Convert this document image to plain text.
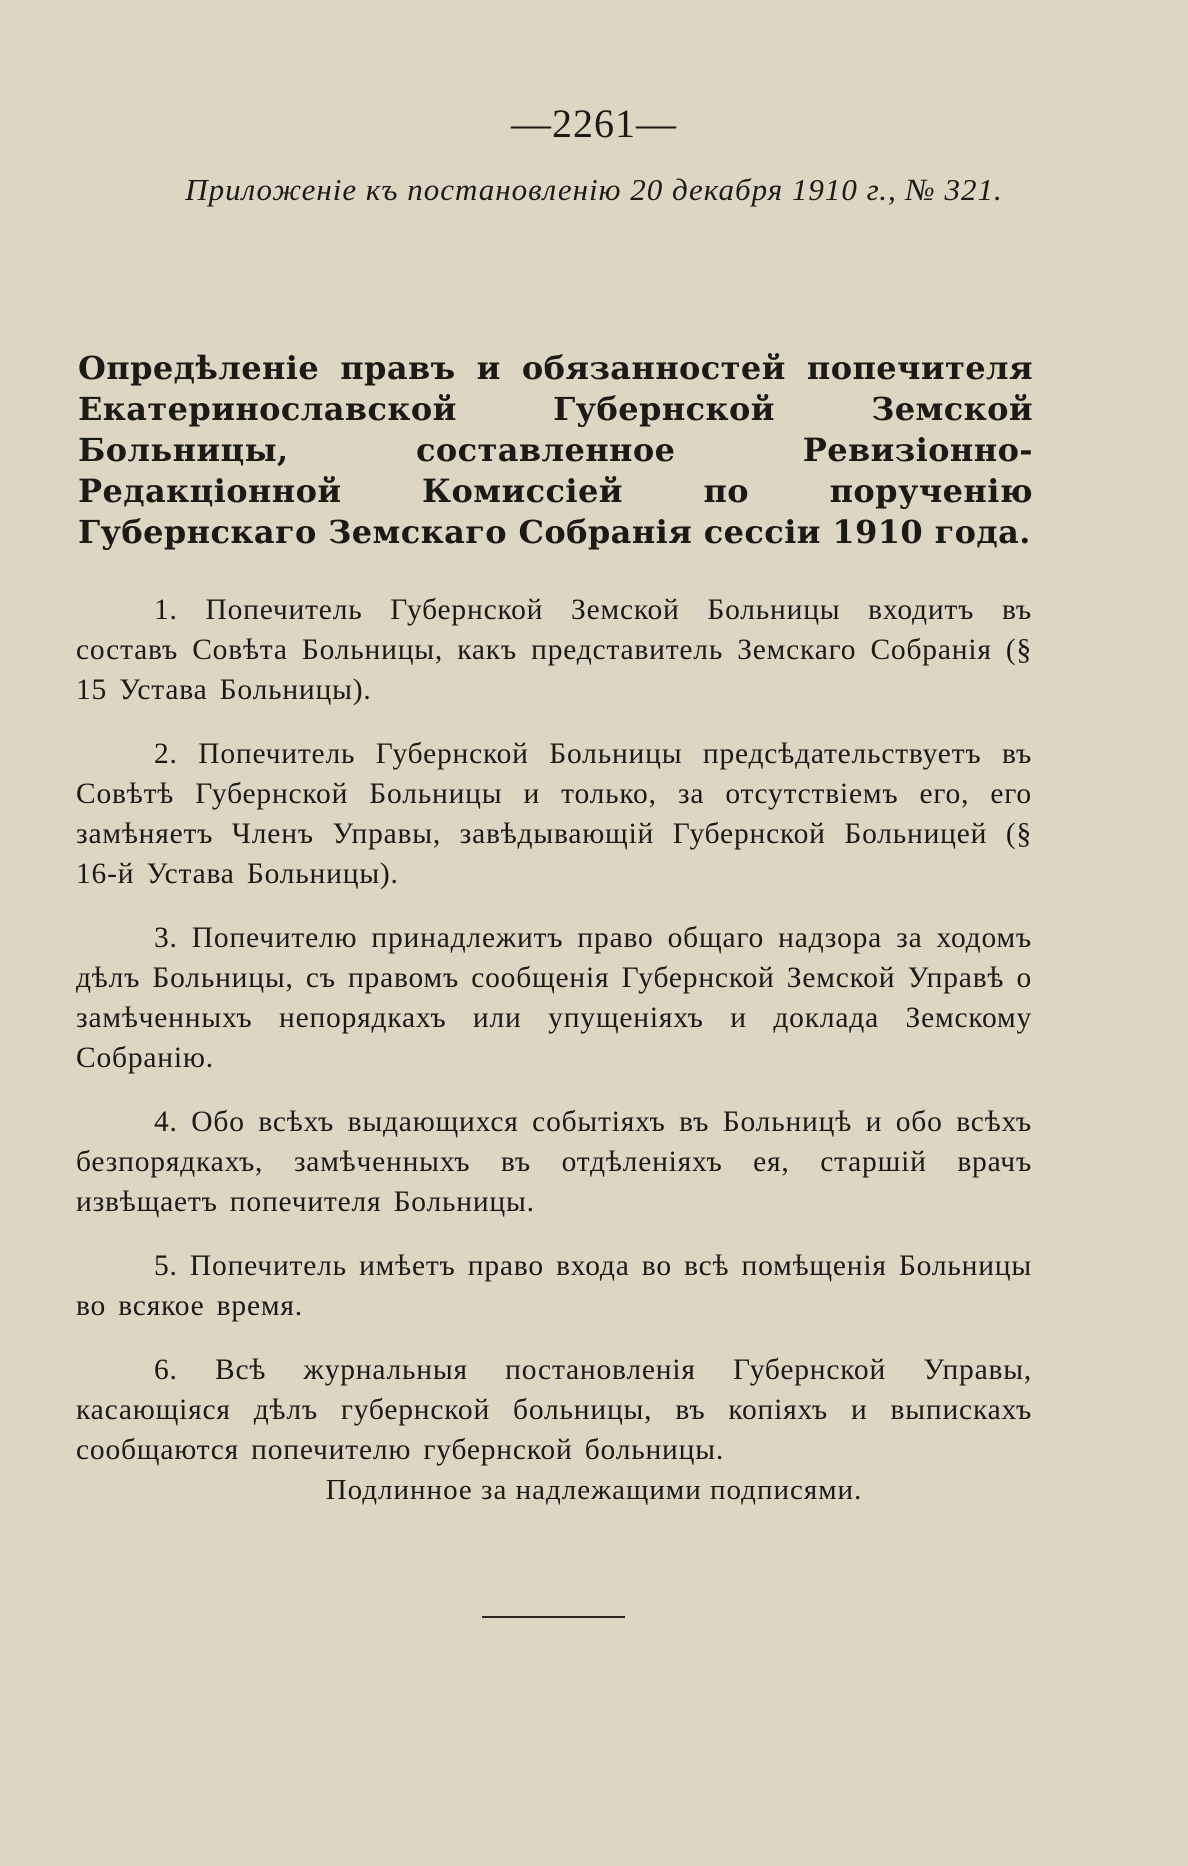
—2261—
Приложеніе къ постановленію 20 декабря 1910 г., № 321.
Опредѣленіе правъ и обязанностей попечителя Екатеринославской Губернской Земской Больницы, составленное Ревизіонно-Редакціонной Комиссіей по порученію Губернскаго Земскаго Собранія сессіи 1910 года.

1. Попечитель Губернской Земской Больницы входитъ въ составъ Совѣта Больницы, какъ представитель Земскаго Собранія (§ 15 Устава Больницы).

2. Попечитель Губернской Больницы предсѣдательствуетъ въ Совѣтѣ Губернской Больницы и только, за отсутствіемъ его, его замѣняетъ Членъ Управы, завѣдывающій Губернской Больницей (§ 16-й Устава Больницы).

3. Попечителю принадлежитъ право общаго надзора за ходомъ дѣлъ Больницы, съ правомъ сообщенія Губернской Земской Управѣ о замѣченныхъ непорядкахъ или упущеніяхъ и доклада Земскому Собранію.

4. Обо всѣхъ выдающихся событіяхъ въ Больницѣ и обо всѣхъ безпорядкахъ, замѣченныхъ въ отдѣленіяхъ ея, старшій врачъ извѣщаетъ попечителя Больницы.

5. Попечитель имѣетъ право входа во всѣ помѣщенія Больницы во всякое время.

6. Всѣ журнальныя постановленія Губернской Управы, касающіяся дѣлъ губернской больницы, въ копіяхъ и выпискахъ сообщаются попечителю губернской больницы.

Подлинное за надлежащими подписями.
